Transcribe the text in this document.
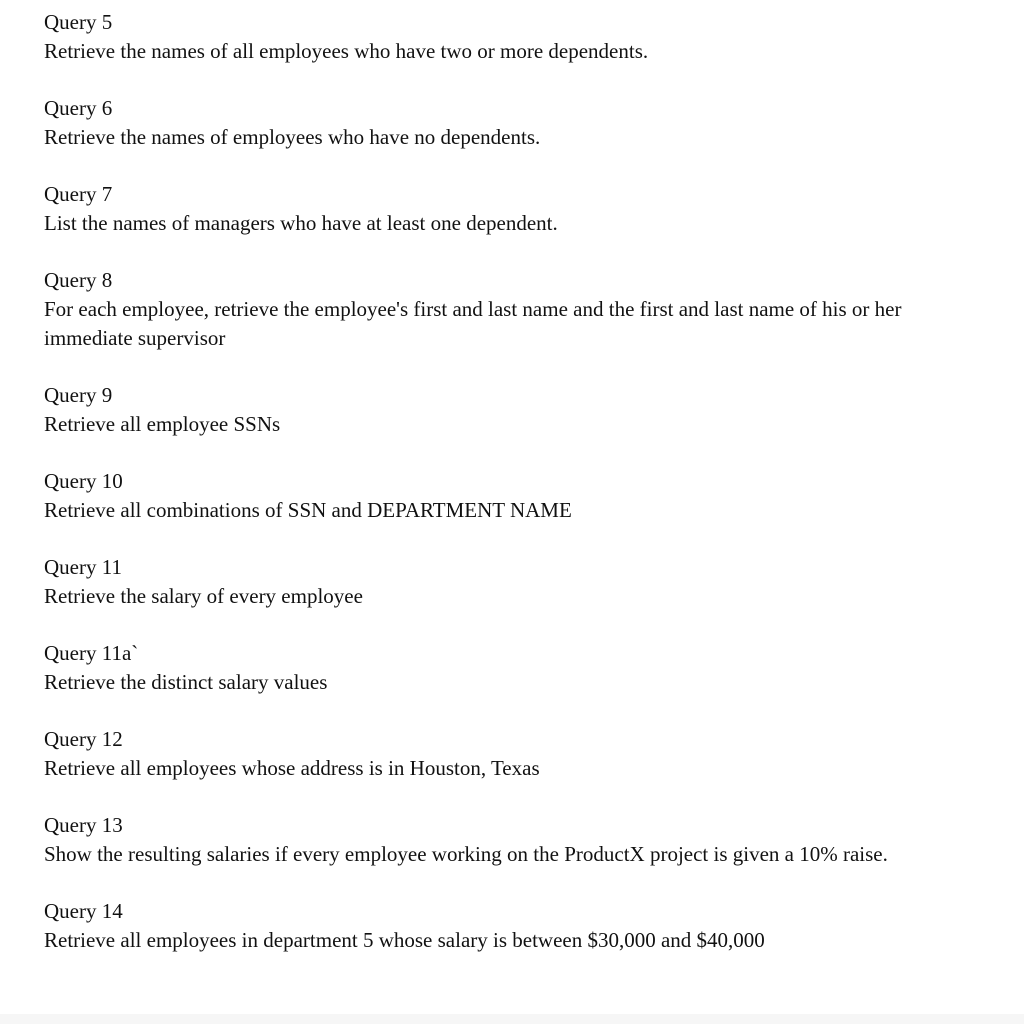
Query 5
Retrieve the names of all employees who have two or more dependents.
Query 6
Retrieve the names of employees who have no dependents.
Query 7
List the names of managers who have at least one dependent.
Query 8
For each employee, retrieve the employee's first and last name and the first and last name of his or her immediate supervisor
Query 9
Retrieve all employee SSNs
Query 10
Retrieve all combinations of SSN and DEPARTMENT NAME
Query 11
Retrieve the salary of every employee
Query 11a`
Retrieve the distinct salary values
Query 12
Retrieve all employees whose address is in Houston, Texas
Query 13
Show the resulting salaries if every employee working on the ProductX project is given a 10% raise.
Query 14
Retrieve all employees in department 5 whose salary is between $30,000 and $40,000
